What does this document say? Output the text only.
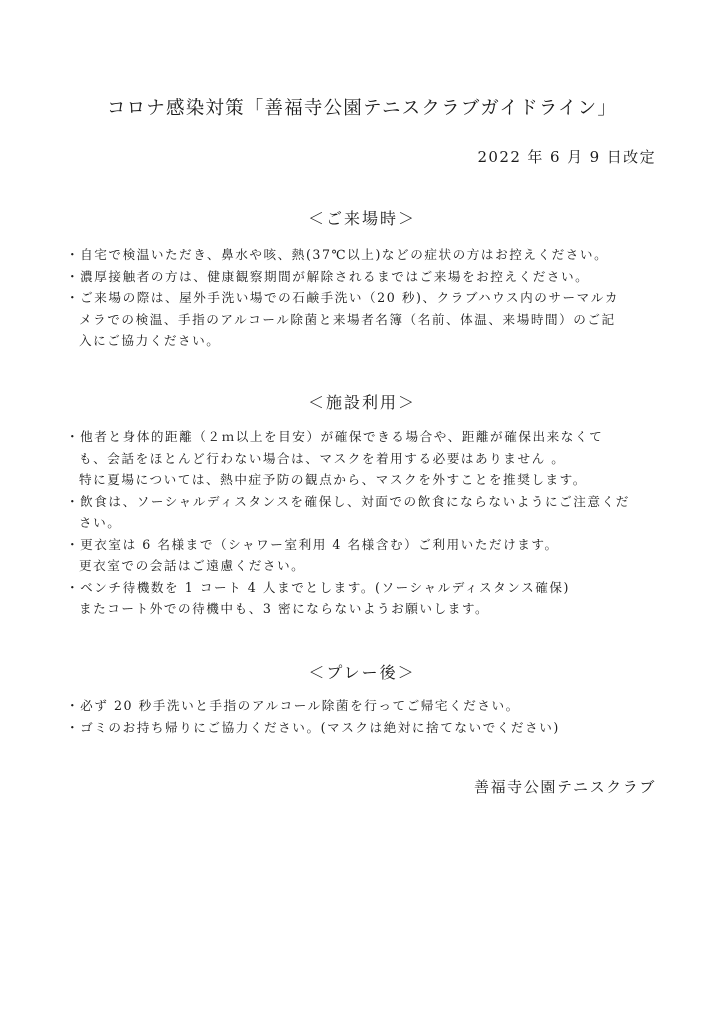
コロナ感染対策「善福寺公園テニスクラブガイドライン」
2022 年 6 月 9 日改定
＜ご来場時＞
・自宅で検温いただき、鼻水や咳、熱(37℃以上)などの症状の方はお控えください。
・濃厚接触者の方は、健康観察期間が解除されるまではご来場をお控えください。
・ご来場の際は、屋外手洗い場での石鹸手洗い（20 秒)、クラブハウス内のサーマルカ
メラでの検温、手指のアルコール除菌と来場者名簿（名前、体温、来場時間）のご記
入にご協力ください。
＜施設利用＞
・他者と身体的距離（２ｍ以上を目安）が確保できる場合や、距離が確保出来なくて
も、会話をほとんど行わない場合は、マスクを着用する必要はありません 。
特に夏場については、熱中症予防の観点から、マスクを外すことを推奨します。
・飲食は、ソーシャルディスタンスを確保し、対面での飲食にならないようにご注意くだ
さい。
・更衣室は 6 名様まで（シャワー室利用 4 名様含む）ご利用いただけます。
更衣室での会話はご遠慮ください。
・ベンチ待機数を 1 コート 4 人までとします。(ソーシャルディスタンス確保)
またコート外での待機中も、3 密にならないようお願いします。
＜プレー後＞
・必ず 20 秒手洗いと手指のアルコール除菌を行ってご帰宅ください。
・ゴミのお持ち帰りにご協力ください。(マスクは絶対に捨てないでください)
善福寺公園テニスクラブ
